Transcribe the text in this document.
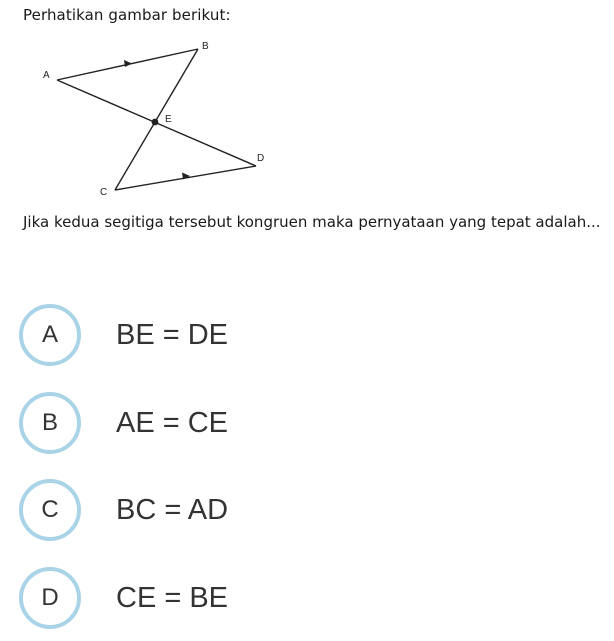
Perhatikan gambar berikut:
A
B
E
D
C
Jika kedua segitiga tersebut kongruen maka pernyataan yang tepat adalah...
A BE = DE
B AE = CE
C BC = AD
D CE = BE
